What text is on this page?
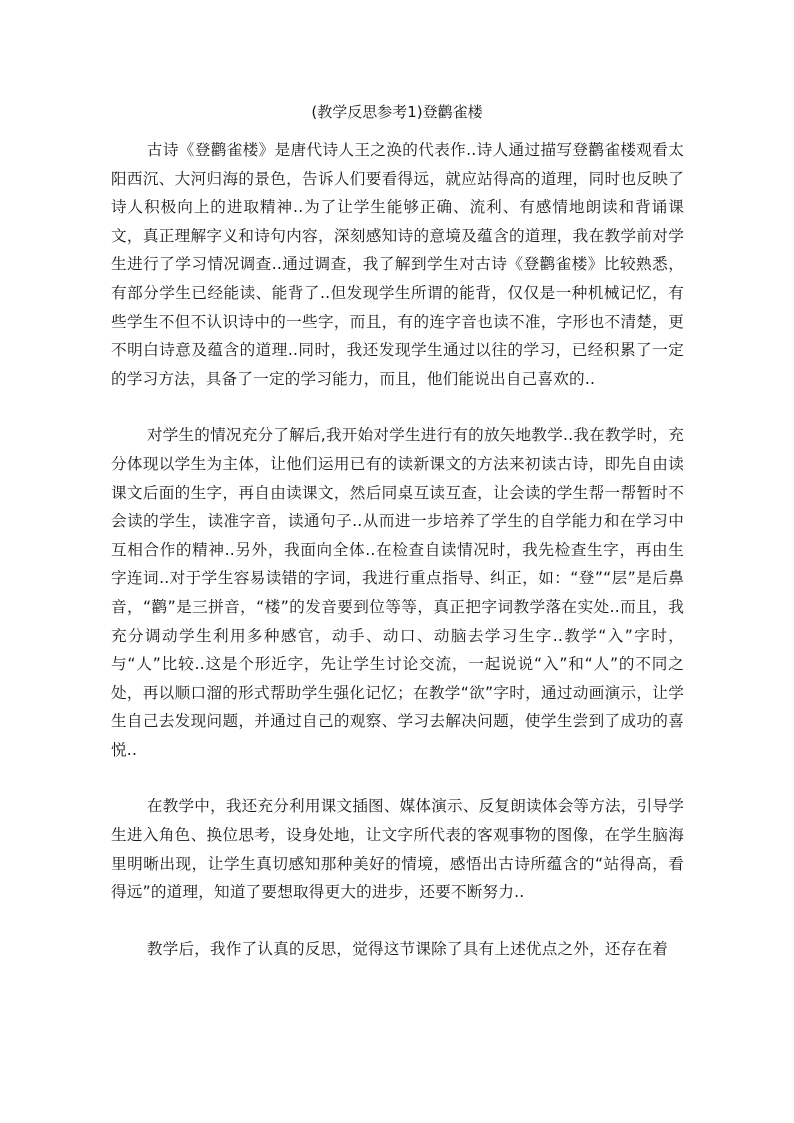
(教学反思参考1)登鹳雀楼

古诗《登鹳雀楼》是唐代诗人王之涣的代表作..诗人通过描写登鹳雀楼观看太阳西沉、大河归海的景色，告诉人们要看得远，就应站得高的道理，同时也反映了诗人积极向上的进取精神..为了让学生能够正确、流利、有感情地朗读和背诵课文，真正理解字义和诗句内容，深刻感知诗的意境及蕴含的道理，我在教学前对学生进行了学习情况调查..通过调查，我了解到学生对古诗《登鹳雀楼》比较熟悉，有部分学生已经能读、能背了..但发现学生所谓的能背，仅仅是一种机械记忆，有些学生不但不认识诗中的一些字，而且，有的连字音也读不准，字形也不清楚，更不明白诗意及蕴含的道理..同时，我还发现学生通过以往的学习，已经积累了一定的学习方法，具备了一定的学习能力，而且，他们能说出自己喜欢的..

对学生的情况充分了解后,我开始对学生进行有的放矢地教学..我在教学时，充分体现以学生为主体，让他们运用已有的读新课文的方法来初读古诗，即先自由读课文后面的生字，再自由读课文，然后同桌互读互查，让会读的学生帮一帮暂时不会读的学生，读准字音，读通句子..从而进一步培养了学生的自学能力和在学习中互相合作的精神..另外，我面向全体..在检查自读情况时，我先检查生字，再由生字连词..对于学生容易读错的字词，我进行重点指导、纠正，如：“登”“层”是后鼻音，“鹳”是三拼音，“楼”的发音要到位等等，真正把字词教学落在实处..而且，我充分调动学生利用多种感官，动手、动口、动脑去学习生字..教学“入”字时，与“人”比较..这是个形近字，先让学生讨论交流，一起说说“入”和“人”的不同之处，再以顺口溜的形式帮助学生强化记忆；在教学“欲”字时，通过动画演示，让学生自己去发现问题，并通过自己的观察、学习去解决问题，使学生尝到了成功的喜悦..

在教学中，我还充分利用课文插图、媒体演示、反复朗读体会等方法，引导学生进入角色、换位思考，设身处地，让文字所代表的客观事物的图像，在学生脑海里明晰出现，让学生真切感知那种美好的情境，感悟出古诗所蕴含的“站得高，看得远”的道理，知道了要想取得更大的进步，还要不断努力..

教学后，我作了认真的反思，觉得这节课除了具有上述优点之外，还存在着
